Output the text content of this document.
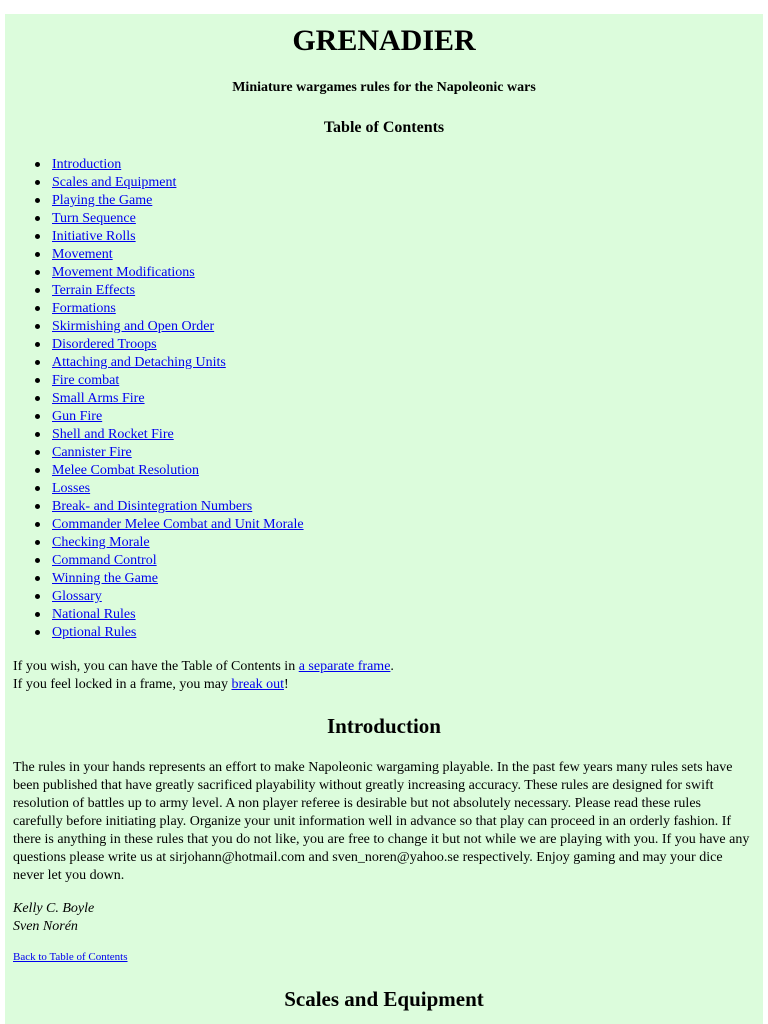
GRENADIER
Miniature wargames rules for the Napoleonic wars
Table of Contents
Introduction
Scales and Equipment
Playing the Game
Turn Sequence
Initiative Rolls
Movement
Movement Modifications
Terrain Effects
Formations
Skirmishing and Open Order
Disordered Troops
Attaching and Detaching Units
Fire combat
Small Arms Fire
Gun Fire
Shell and Rocket Fire
Cannister Fire
Melee Combat Resolution
Losses
Break- and Disintegration Numbers
Commander Melee Combat and Unit Morale
Checking Morale
Command Control
Winning the Game
Glossary
National Rules
Optional Rules
If you wish, you can have the Table of Contents in a separate frame.
If you feel locked in a frame, you may break out!
Introduction
The rules in your hands represents an effort to make Napoleonic wargaming playable. In the past few years many rules sets have been published that have greatly sacrificed playability without greatly increasing accuracy. These rules are designed for swift resolution of battles up to army level. A non player referee is desirable but not absolutely necessary. Please read these rules carefully before initiating play. Organize your unit information well in advance so that play can proceed in an orderly fashion. If there is anything in these rules that you do not like, you are free to change it but not while we are playing with you. If you have any questions please write us at sirjohann@hotmail.com and sven_noren@yahoo.se respectively. Enjoy gaming and may your dice never let you down.
Kelly C. Boyle
Sven Norén
Back to Table of Contents
Scales and Equipment
